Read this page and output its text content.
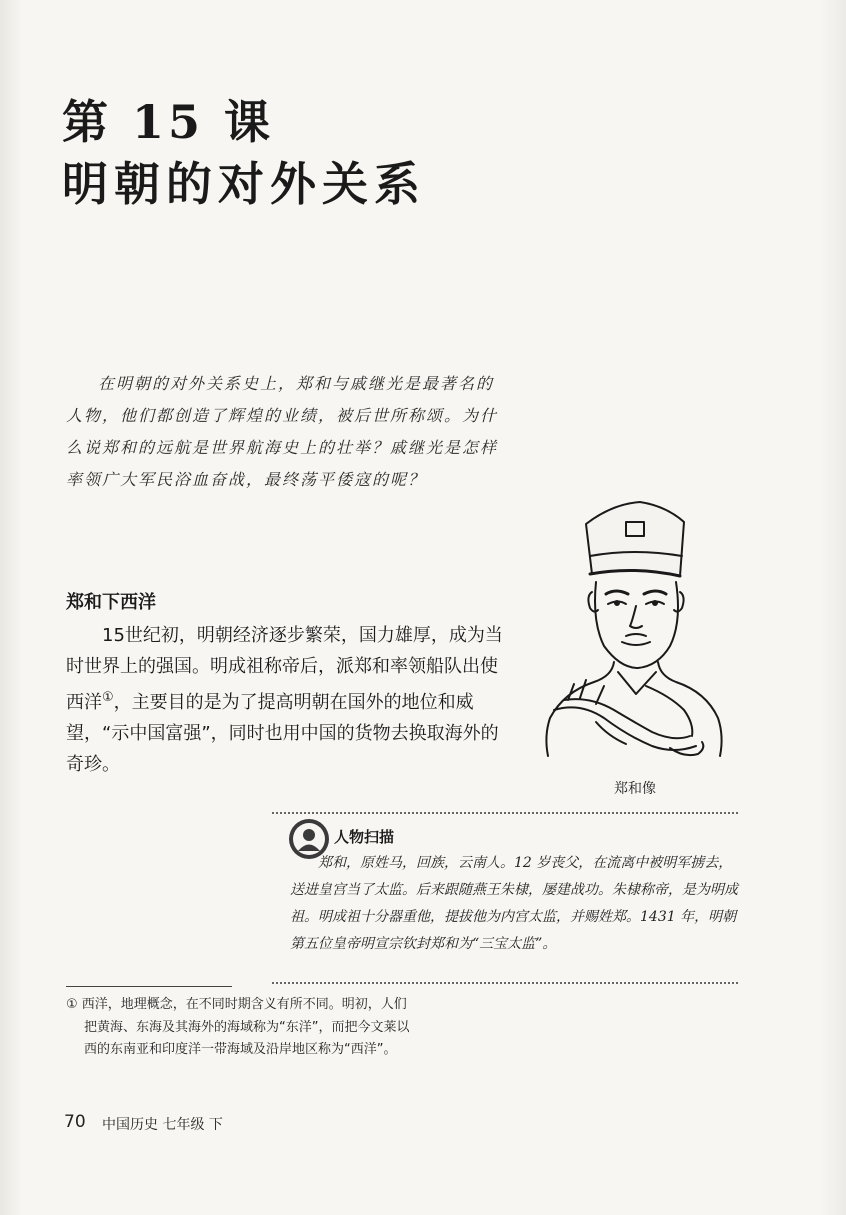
第 15 课
明朝的对外关系

在明朝的对外关系史上，郑和与戚继光是最著名的人物，他们都创造了辉煌的业绩，被后世所称颂。为什么说郑和的远航是世界航海史上的壮举？戚继光是怎样率领广大军民浴血奋战，最终荡平倭寇的呢？

郑和下西洋

15世纪初，明朝经济逐步繁荣，国力雄厚，成为当时世界上的强国。明成祖称帝后，派郑和率领船队出使西洋①，主要目的是为了提高明朝在国外的地位和威望，“示中国富强”，同时也用中国的货物去换取海外的奇珍。

郑和像
人物扫描

郑和，原姓马，回族，云南人。12 岁丧父，在流离中被明军掳去，送进皇宫当了太监。后来跟随燕王朱棣，屡建战功。朱棣称帝，是为明成祖。明成祖十分器重他，提拔他为内宫太监，并赐姓郑。1431 年，明朝第五位皇帝明宣宗钦封郑和为“三宝太监”。

① 西洋，地理概念，在不同时期含义有所不同。明初，人们把黄海、东海及其海外的海域称为“东洋”，而把今文莱以西的东南亚和印度洋一带海域及沿岸地区称为“西洋”。

70 中国历史 七年级 下
